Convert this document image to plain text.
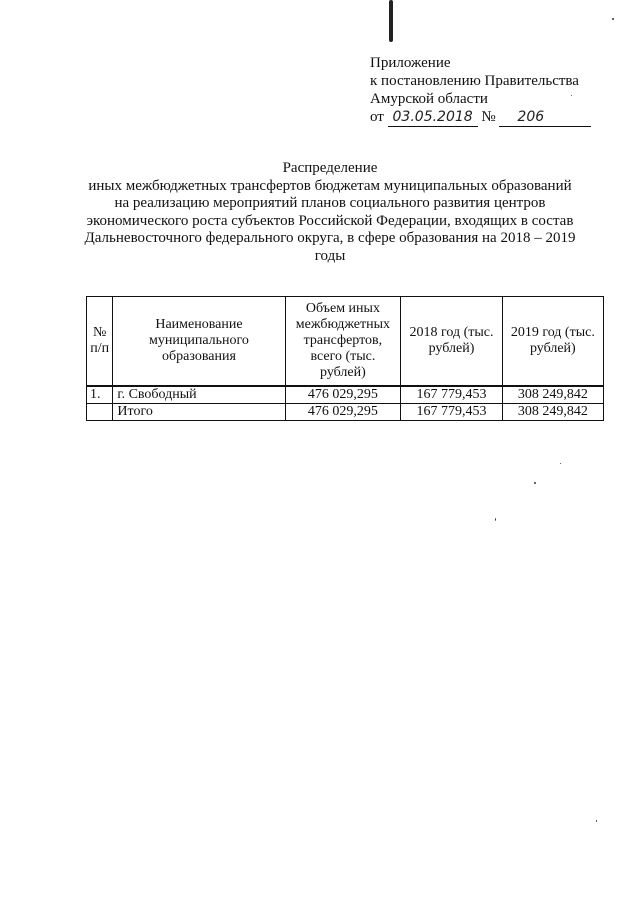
Приложение
к постановлению Правительства
Амурской области
от 03.05.2018 № 206
Распределение
иных межбюджетных трансфертов бюджетам муниципальных образований
на реализацию мероприятий планов социального развития центров
экономического роста субъектов Российской Федерации, входящих в состав
Дальневосточного федерального округа, в сфере образования на 2018 – 2019
годы
№ п/п	Наименование муниципального образования	Объем иных межбюджетных трансфертов, всего (тыс. рублей)	2018 год (тыс. рублей)	2019 год (тыс. рублей)
1.	г. Свободный	476 029,295	167 779,453	308 249,842
	Итого	476 029,295	167 779,453	308 249,842
